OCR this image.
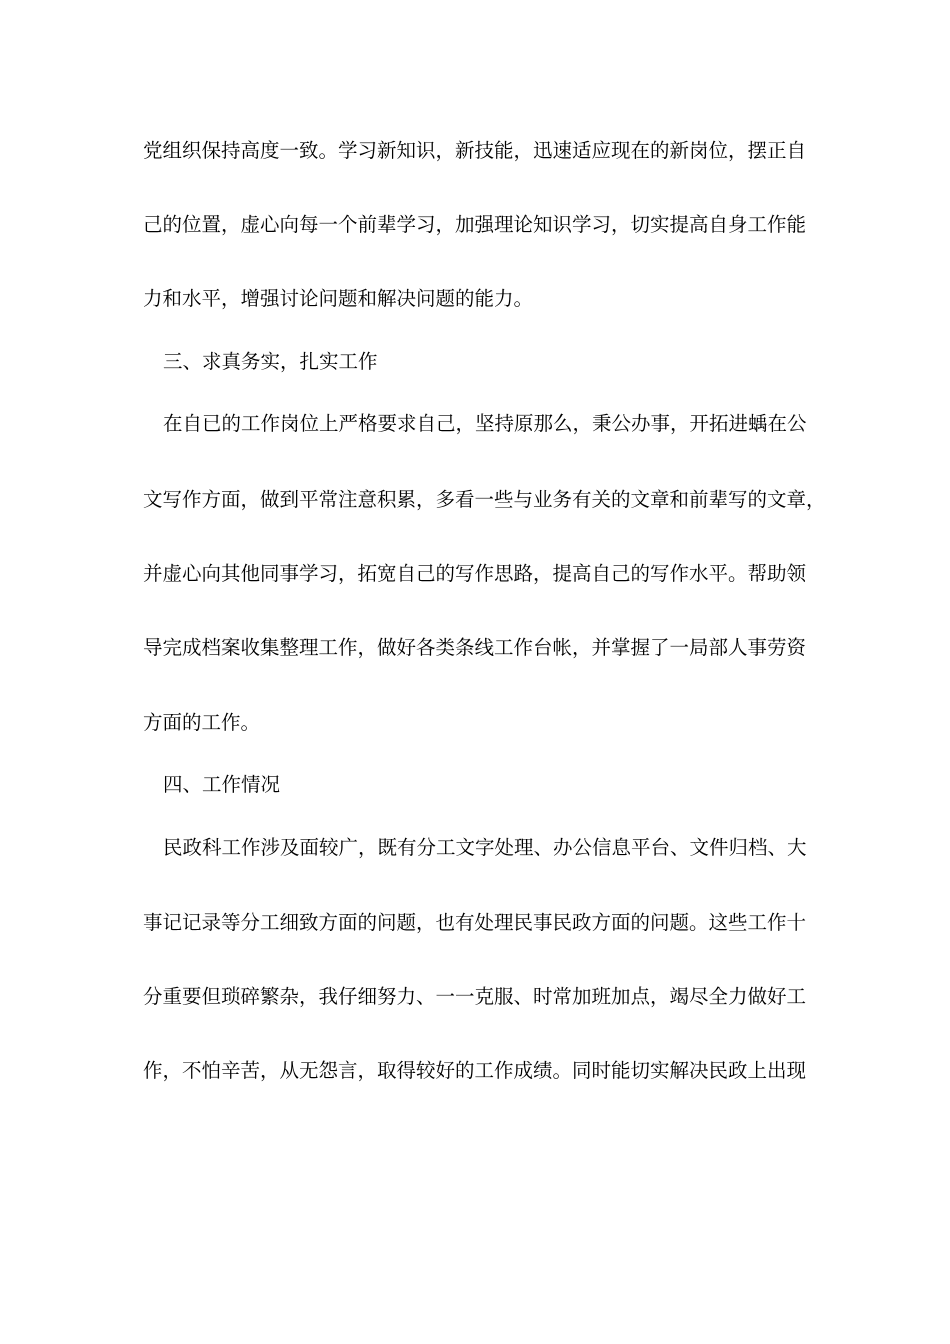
党组织保持高度一致。学习新知识，新技能，迅速适应现在的新岗位，摆正自
己的位置，虚心向每一个前辈学习，加强理论知识学习，切实提高自身工作能
力和水平，增强讨论问题和解决问题的能力。
三、求真务实，扎实工作
在自已的工作岗位上严格要求自己，坚持原那么，秉公办事，开拓进蝺在公
文写作方面，做到平常注意积累，多看一些与业务有关的文章和前辈写的文章，
并虚心向其他同事学习，拓宽自己的写作思路，提高自己的写作水平。帮助领
导完成档案收集整理工作，做好各类条线工作台帐，并掌握了一局部人事劳资
方面的工作。
四、工作情况
民政科工作涉及面较广，既有分工文字处理、办公信息平台、文件归档、大
事记记录等分工细致方面的问题，也有处理民事民政方面的问题。这些工作十
分重要但琐碎繁杂，我仔细努力、一一克服、时常加班加点，竭尽全力做好工
作，不怕辛苦，从无怨言，取得较好的工作成绩。同时能切实解决民政上出现
